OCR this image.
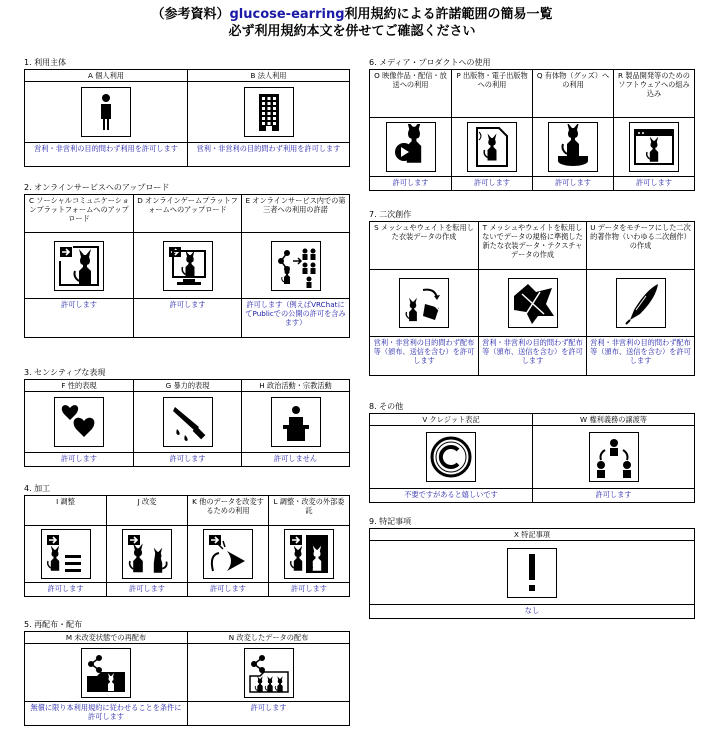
（参考資料）glucose-earring利用規約による許諾範囲の簡易一覧
必ず利用規約本文を併せてご確認ください
1. 利用主体
A 個人利用
営利・非営利の目的問わず利用を許可します
B 法人利用
営利・非営利の目的問わず利用を許可します
2. オンラインサービスへのアップロード
C ソーシャルコミュニケーションプラットフォームへのアップロード
許可します
D オンラインゲームプラットフォームへのアップロード
許可します
E オンラインサービス内での第三者への利用の許諾
許可します（例えばVRChatにてPublicでの公開の許可を含みます）
3. センシティブな表現
F 性的表現
許可します
G 暴力的表現
許可します
H 政治活動・宗教活動
許可しません
4. 加工
I 調整
許可します
J 改変
許可します
K 他のデータを改変するための利用
許可します
L 調整・改変の外部委託
許可します
5. 再配布・配布
M 未改変状態での再配布
無償に限り本利用規約に従わせることを条件に許可します
N 改変したデータの配布
許可します
6. メディア・プロダクトへの使用
O 映像作品・配信・放送への利用
許可します
P 出版物・電子出版物への利用
許可します
Q 有体物（グッズ）への利用
許可します
R 製品開発等のためのソフトウェアへの組み込み
許可します
7. 二次創作
S メッシュやウェイトを転用した衣装データの作成
営利・非営利の目的問わず配布等（頒布、送信を含む）を許可します
T メッシュやウェイトを転用しないでデータの規格に準拠した新たな衣装データ・テクスチャデータの作成
営利・非営利の目的問わず配布等（頒布、送信を含む）を許可します
U データをモチーフにした二次的著作物（いわゆる二次創作）の作成
営利・非営利の目的問わず配布等（頒布、送信を含む）を許可します
8. その他
V クレジット表記
不要ですがあると嬉しいです
W 権利義務の譲渡等
許可します
9. 特記事項
X 特記事項
なし
